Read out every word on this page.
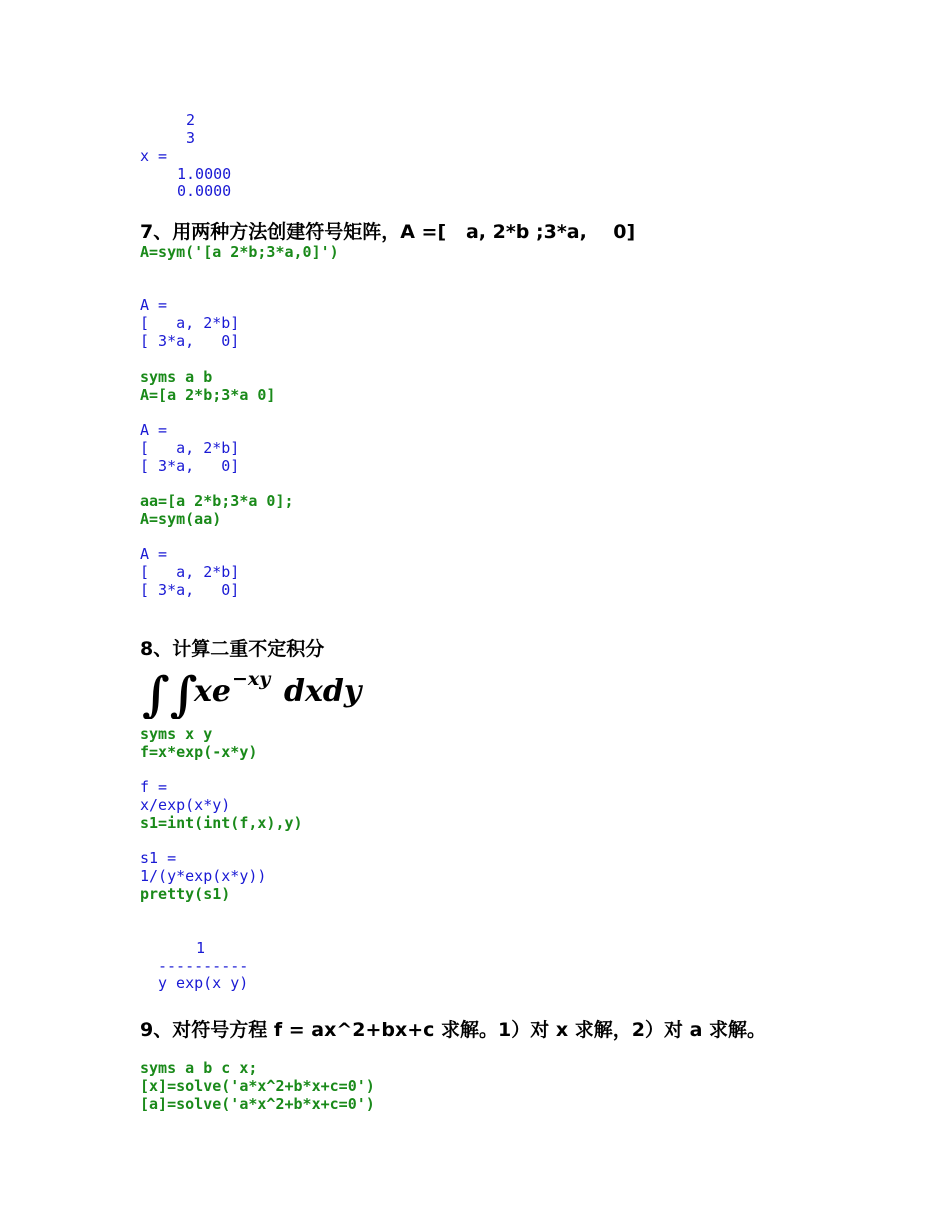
2
3
x =
1.0000
0.0000
7、用两种方法创建符号矩阵，A =[   a, 2*b ;3*a,    0]
A=sym('[a 2*b;3*a,0]')
A =
[   a, 2*b]
[ 3*a,   0]
syms a b
A=[a 2*b;3*a 0]
A =
[   a, 2*b]
[ 3*a,   0]
aa=[a 2*b;3*a 0];
A=sym(aa)
A =
[   a, 2*b]
[ 3*a,   0]
8、计算二重不定积分
∫∫
xe −xy dxdy
syms x y
f=x*exp(-x*y)
f =
x/exp(x*y)
s1=int(int(f,x),y)
s1 =
1/(y*exp(x*y))
pretty(s1)
1
----------
y exp(x y)
9、对符号方程 f = ax^2+bx+c 求解。1）对 x 求解，2）对 a 求解。
syms a b c x;
[x]=solve('a*x^2+b*x+c=0')
[a]=solve('a*x^2+b*x+c=0')
